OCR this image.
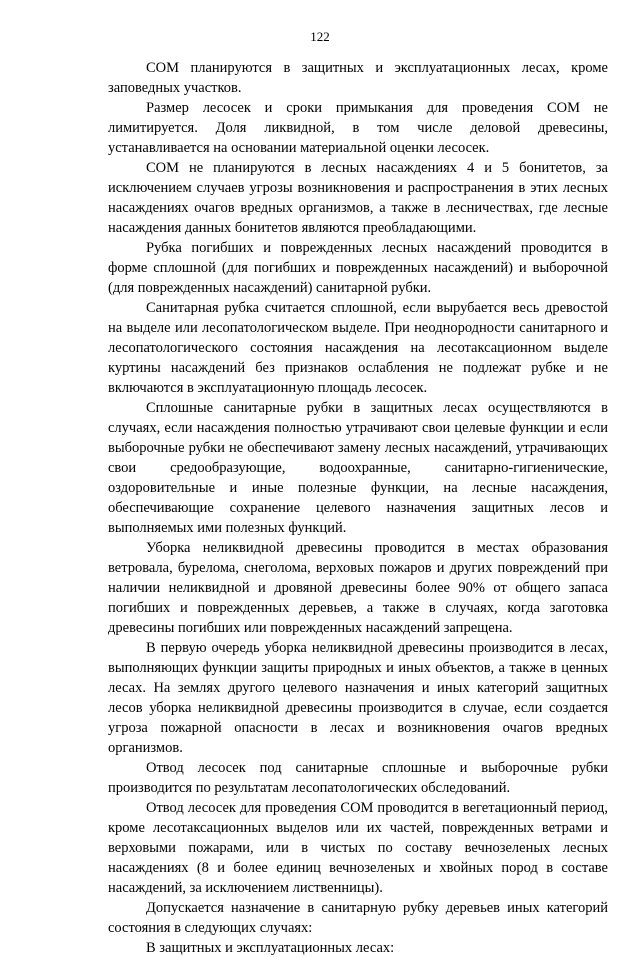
122

СОМ планируются в защитных и эксплуатационных лесах, кроме заповедных участков.

Размер лесосек и сроки примыкания для проведения СОМ не лимитируется. Доля ликвидной, в том числе деловой древесины, устанавливается на основании материальной оценки лесосек.

СОМ не планируются в лесных насаждениях 4 и 5 бонитетов, за исключением случаев угрозы возникновения и распространения в этих лесных насаждениях очагов вредных организмов, а также в лесничествах, где лесные насаждения данных бонитетов являются преобладающими.

Рубка погибших и поврежденных лесных насаждений проводится в форме сплошной (для погибших и поврежденных насаждений) и выборочной (для поврежденных насаждений) санитарной рубки.

Санитарная рубка считается сплошной, если вырубается весь древостой на выделе или лесопатологическом выделе. При неоднородности санитарного и лесопатологического состояния насаждения на лесотаксационном выделе куртины насаждений без признаков ослабления не подлежат рубке и не включаются в эксплуатационную площадь лесосек.

Сплошные санитарные рубки в защитных лесах осуществляются в случаях, если насаждения полностью утрачивают свои целевые функции и если выборочные рубки не обеспечивают замену лесных насаждений, утрачивающих свои средообразующие, водоохранные, санитарно-гигиенические, оздоровительные и иные полезные функции, на лесные насаждения, обеспечивающие сохранение целевого назначения защитных лесов и выполняемых ими полезных функций.

Уборка неликвидной древесины проводится в местах образования ветровала, бурелома, снеголома, верховых пожаров и других повреждений при наличии неликвидной и дровяной древесины более 90% от общего запаса погибших и поврежденных деревьев, а также в случаях, когда заготовка древесины погибших или поврежденных насаждений запрещена.

В первую очередь уборка неликвидной древесины производится в лесах, выполняющих функции защиты природных и иных объектов, а также в ценных лесах. На землях другого целевого назначения и иных категорий защитных лесов уборка неликвидной древесины производится в случае, если создается угроза пожарной опасности в лесах и возникновения очагов вредных организмов.

Отвод лесосек под санитарные сплошные и выборочные рубки производится по результатам лесопатологических обследований.

Отвод лесосек для проведения СОМ проводится в вегетационный период, кроме лесотаксационных выделов или их частей, поврежденных ветрами и верховыми пожарами, или в чистых по составу вечнозеленых лесных насаждениях (8 и более единиц вечнозеленых и хвойных пород в составе насаждений, за исключением лиственницы).

Допускается назначение в санитарную рубку деревьев иных категорий состояния в следующих случаях:

В защитных и эксплуатационных лесах:
